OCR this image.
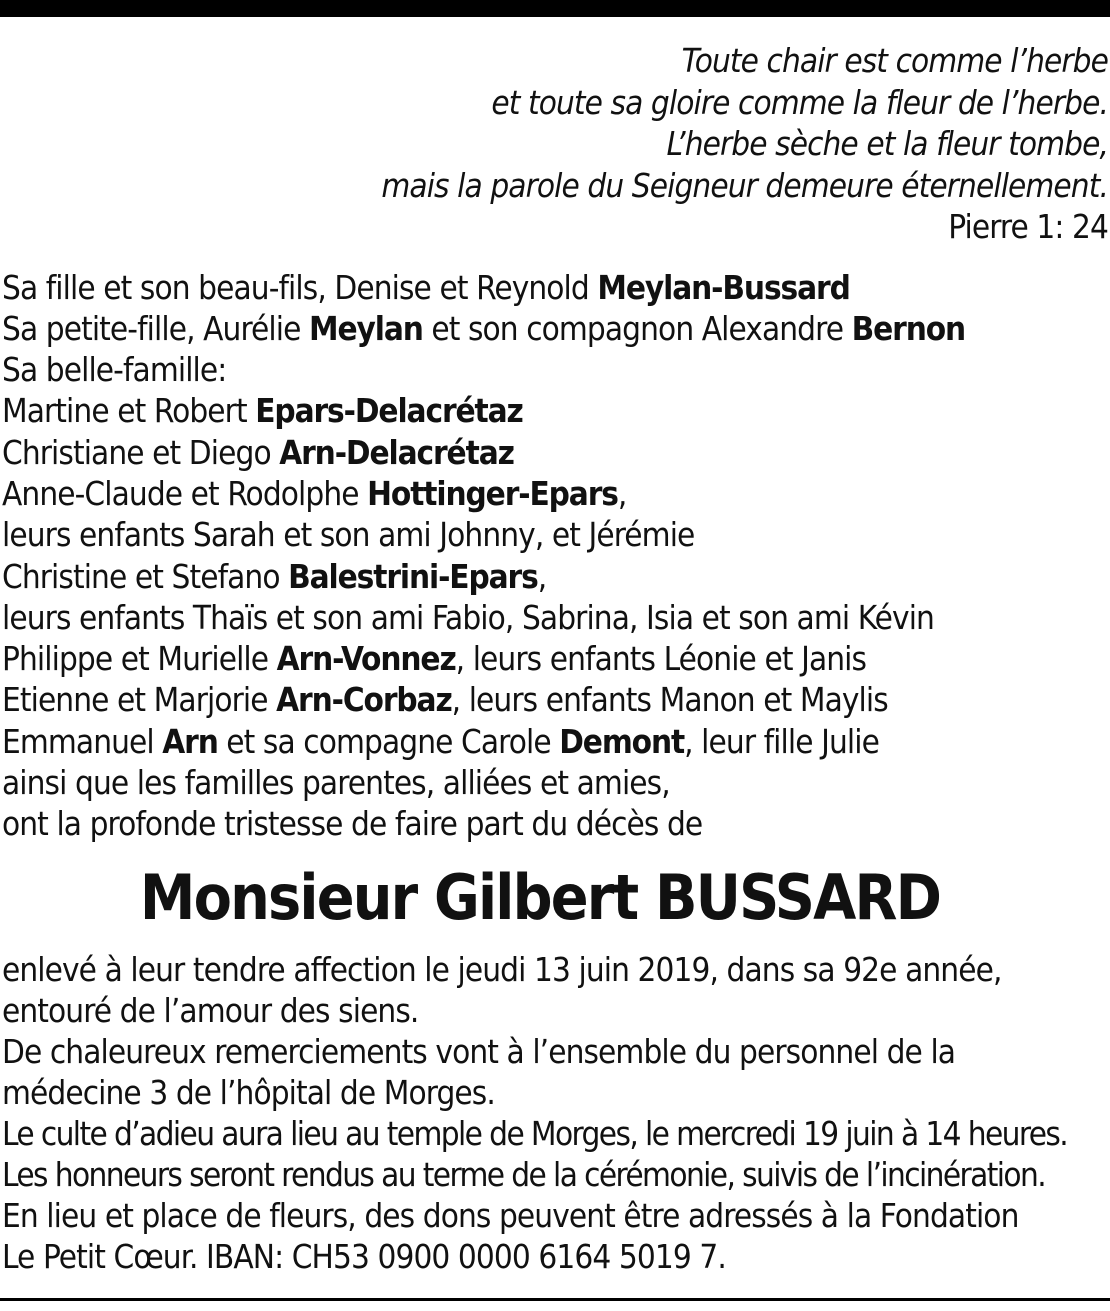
Toute chair est comme l’herbe
et toute sa gloire comme la fleur de l’herbe.
L’herbe sèche et la fleur tombe,
mais la parole du Seigneur demeure éternellement.
Pierre 1: 24
Sa fille et son beau-fils, Denise et Reynold Meylan-Bussard
Sa petite-fille, Aurélie Meylan et son compagnon Alexandre Bernon
Sa belle-famille:
Martine et Robert Epars-Delacrétaz
Christiane et Diego Arn-Delacrétaz
Anne-Claude et Rodolphe Hottinger-Epars,
leurs enfants Sarah et son ami Johnny, et Jérémie
Christine et Stefano Balestrini-Epars,
leurs enfants Thaïs et son ami Fabio, Sabrina, Isia et son ami Kévin
Philippe et Murielle Arn-Vonnez, leurs enfants Léonie et Janis
Etienne et Marjorie Arn-Corbaz, leurs enfants Manon et Maylis
Emmanuel Arn et sa compagne Carole Demont, leur fille Julie
ainsi que les familles parentes, alliées et amies,
ont la profonde tristesse de faire part du décès de
Monsieur Gilbert BUSSARD
enlevé à leur tendre affection le jeudi 13 juin 2019, dans sa 92e année,
entouré de l’amour des siens.
De chaleureux remerciements vont à l’ensemble du personnel de la
médecine 3 de l’hôpital de Morges.
Le culte d’adieu aura lieu au temple de Morges, le mercredi 19 juin à 14 heures.
Les honneurs seront rendus au terme de la cérémonie, suivis de l’incinération.
En lieu et place de fleurs, des dons peuvent être adressés à la Fondation
Le Petit Cœur. IBAN: CH53 0900 0000 6164 5019 7.
